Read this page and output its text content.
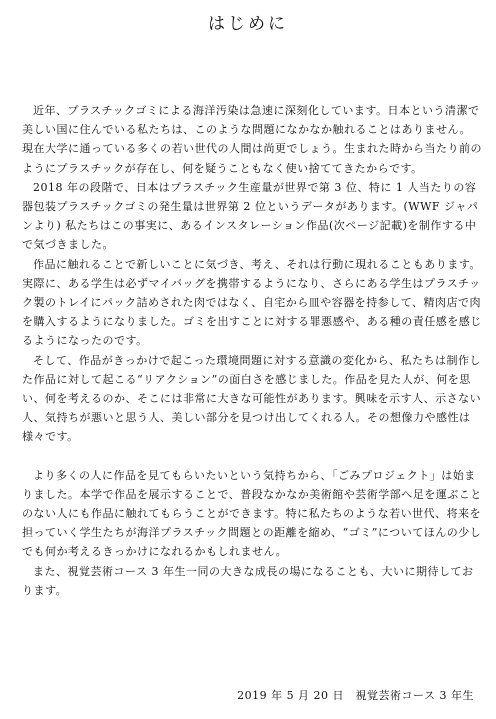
はじめに

近年、プラスチックゴミによる海洋汚染は急速に深刻化しています。日本という清潔で美しい国に住んでいる私たちは、このような問題になかなか触れることはありません。現在大学に通っている多くの若い世代の人間は尚更でしょう。生まれた時から当たり前のようにプラスチックが存在し、何を疑うこともなく使い捨ててきたからです。

2018 年の段階で、日本はプラスチック生産量が世界で第 3 位、特に 1 人当たりの容器包装プラスチックゴミの発生量は世界第 2 位というデータがあります。(WWF ジャパンより) 私たちはこの事実に、あるインスタレーション作品(次ページ記載)を制作する中で気づきました。

作品に触れることで新しいことに気づき、考え、それは行動に現れることもあります。実際に、ある学生は必ずマイバッグを携帯するようになり、さらにある学生はプラスチック製のトレイにパック詰めされた肉ではなく、自宅から皿や容器を持参して、精肉店で肉を購入するようになりました。ゴミを出すことに対する罪悪感や、ある種の責任感を感じるようになったのです。

そして、作品がきっかけで起こった環境問題に対する意識の変化から、私たちは制作した作品に対して起こる“リアクション”の面白さを感じました。作品を見た人が、何を思い、何を考えるのか、そこには非常に大きな可能性があります。興味を示す人、示さない人、気持ちが悪いと思う人、美しい部分を見つけ出してくれる人。その想像力や感性は様々です。

より多くの人に作品を見てもらいたいという気持ちから、「ごみプロジェクト」は始まりました。本学で作品を展示することで、普段なかなか美術館や芸術学部へ足を運ぶことのない人にも作品に触れてもらうことができます。特に私たちのような若い世代、将来を担っていく学生たちが海洋プラスチック問題との距離を縮め、“ゴミ”についてほんの少しでも何か考えるきっかけになれるかもしれません。

また、視覚芸術コース 3 年生一同の大きな成長の場になることも、大いに期待しております。

2019 年 5 月 20 日　視覚芸術コース 3 年生
